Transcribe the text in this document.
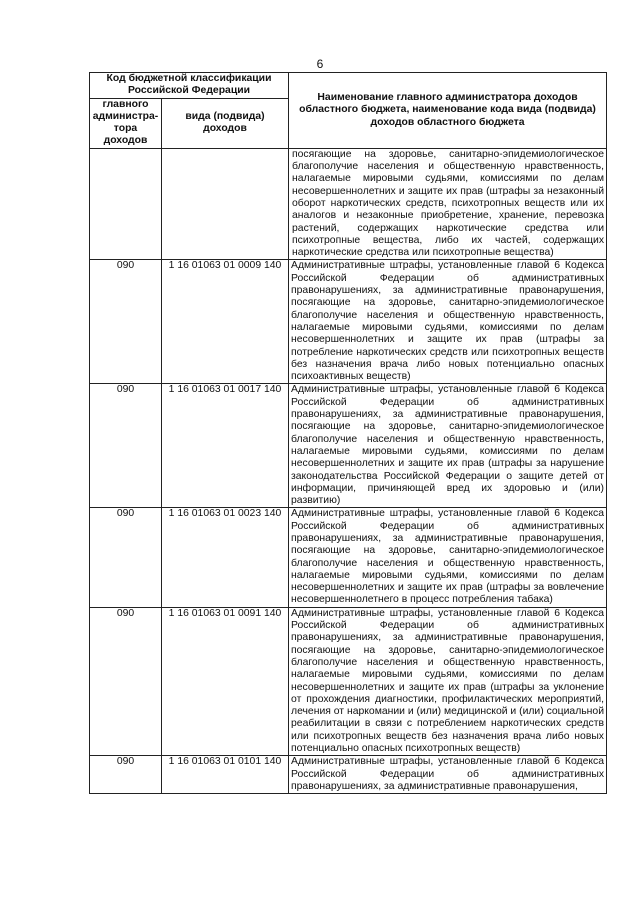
6
Код бюджетной классификации Российской Федерации		Наименование главного администратора доходов областного бюджета, наименование кода вида (подвида) доходов областного бюджета
главного администра-тора доходов	вида (подвида) доходов	
		посягающие на здоровье, санитарно-эпидемиологическое благополучие населения и общественную нравственность, налагаемые мировыми судьями, комиссиями по делам несовершеннолетних и защите их прав (штрафы за незаконный оборот наркотических средств, психотропных веществ или их аналогов и незаконные приобретение, хранение, перевозка растений, содержащих наркотические средства или психотропные вещества, либо их частей, содержащих наркотические средства или психотропные вещества)
090	1 16 01063 01 0009 140	Административные штрафы, установленные главой 6 Кодекса Российской Федерации об административных правонарушениях, за административные правонарушения, посягающие на здоровье, санитарно-эпидемиологическое благополучие населения и общественную нравственность, налагаемые мировыми судьями, комиссиями по делам несовершеннолетних и защите их прав (штрафы за потребление наркотических средств или психотропных веществ без назначения врача либо новых потенциально опасных психоактивных веществ)
090	1 16 01063 01 0017 140	Административные штрафы, установленные главой 6 Кодекса Российской Федерации об административных правонарушениях, за административные правонарушения, посягающие на здоровье, санитарно-эпидемиологическое благополучие населения и общественную нравственность, налагаемые мировыми судьями, комиссиями по делам несовершеннолетних и защите их прав (штрафы за нарушение законодательства Российской Федерации о защите детей от информации, причиняющей вред их здоровью и (или) развитию)
090	1 16 01063 01 0023 140	Административные штрафы, установленные главой 6 Кодекса Российской Федерации об административных правонарушениях, за административные правонарушения, посягающие на здоровье, санитарно-эпидемиологическое благополучие населения и общественную нравственность, налагаемые мировыми судьями, комиссиями по делам несовершеннолетних и защите их прав (штрафы за вовлечение несовершеннолетнего в процесс потребления табака)
090	1 16 01063 01 0091 140	Административные штрафы, установленные главой 6 Кодекса Российской Федерации об административных правонарушениях, за административные правонарушения, посягающие на здоровье, санитарно-эпидемиологическое благополучие населения и общественную нравственность, налагаемые мировыми судьями, комиссиями по делам несовершеннолетних и защите их прав (штрафы за уклонение от прохождения диагностики, профилактических мероприятий, лечения от наркомании и (или) медицинской и (или) социальной реабилитации в связи с потреблением наркотических средств или психотропных веществ без назначения врача либо новых потенциально опасных психотропных веществ)
090	1 16 01063 01 0101 140	Административные штрафы, установленные главой 6 Кодекса Российской Федерации об административных правонарушениях, за административные правонарушения,
